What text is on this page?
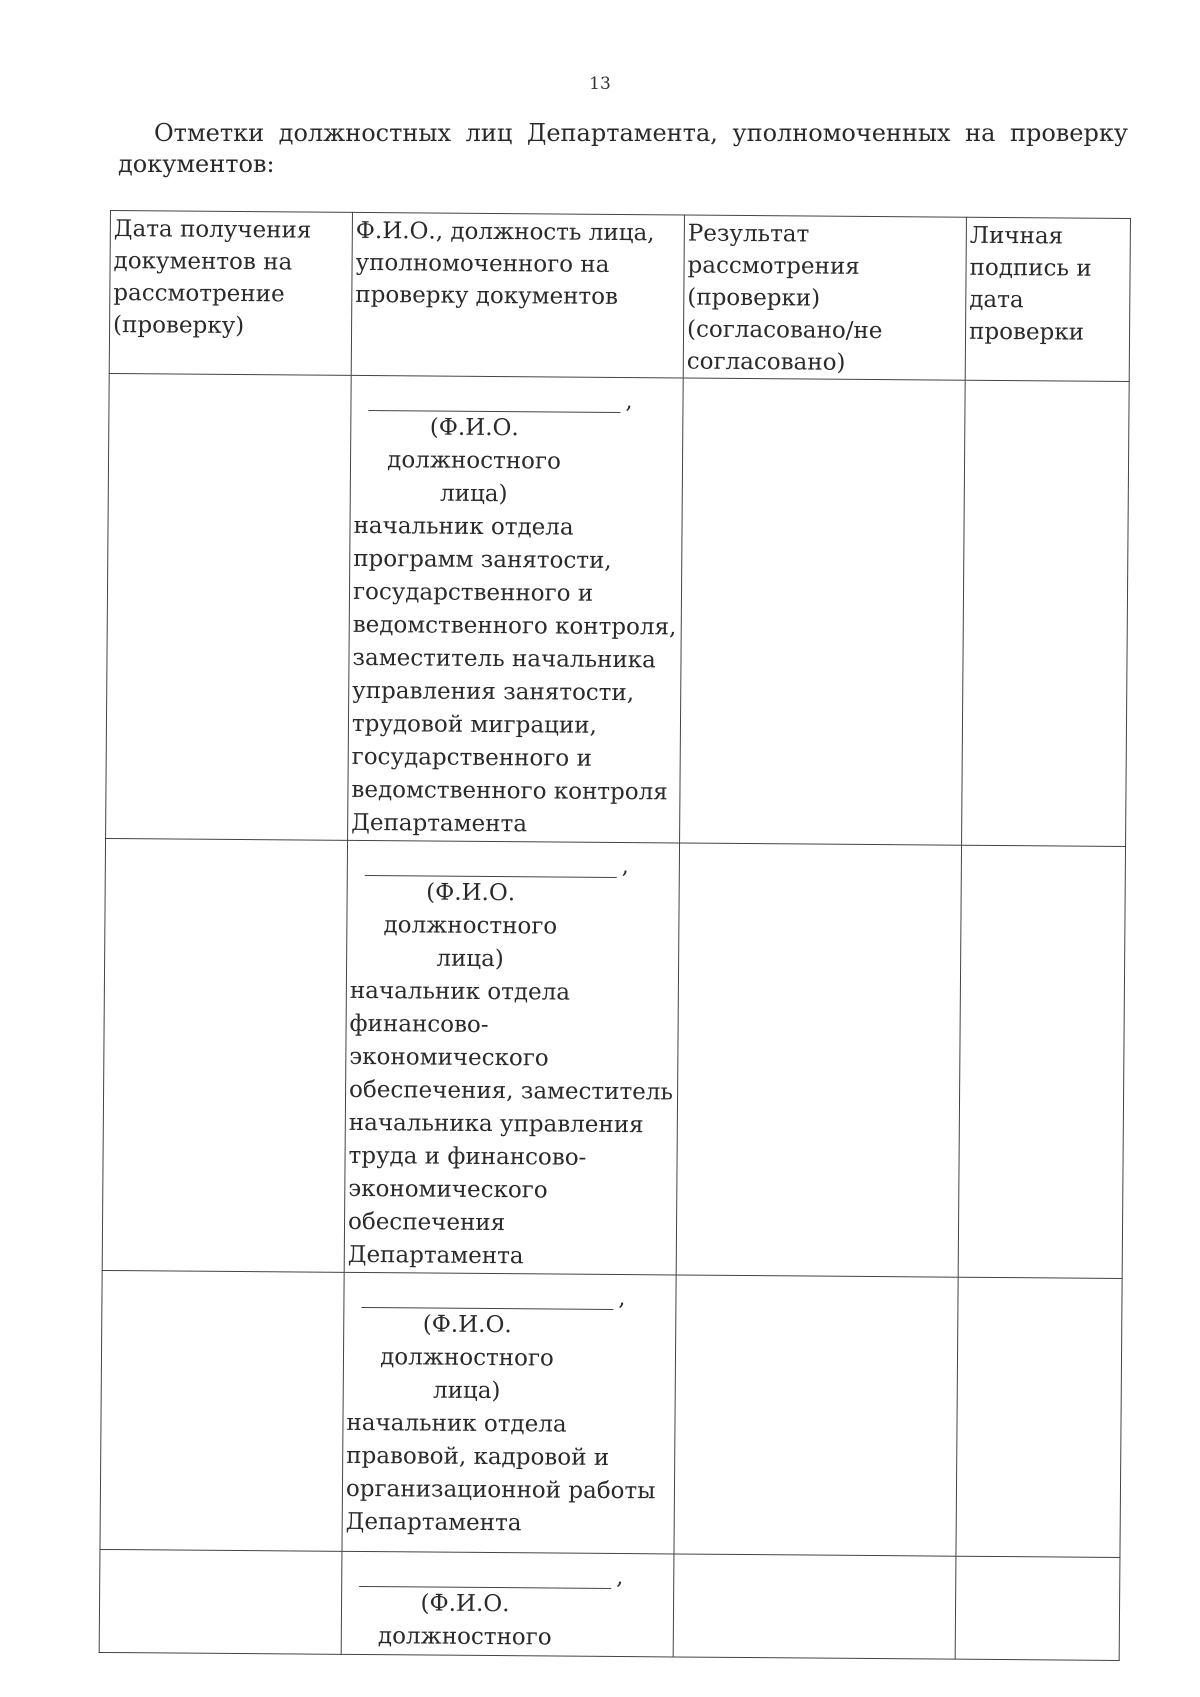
13
Отметки должностных лиц Департамента, уполномоченных на проверку документов:
Дата получения документов на рассмотрение (проверку)	Ф.И.О., должность лица, уполномоченного на проверку документов	Результат рассмотрения (проверки) (согласовано/не согласовано)	Личная подпись и дата проверки

	,
(Ф.И.О. должностного лица)
начальник отдела программ занятости, государственного и ведомственного контроля, заместитель начальника управления занятости, трудовой миграции, государственного и ведомственного контроля Департамента		

	,
(Ф.И.О. должностного лица)
начальник отдела финансово-экономического обеспечения, заместитель начальника управления труда и финансово-экономического обеспечения Департамента		

	,
(Ф.И.О. должностного лица)
начальник отдела правовой, кадровой и организационной работы Департамента		

	,
(Ф.И.О. должностного		
